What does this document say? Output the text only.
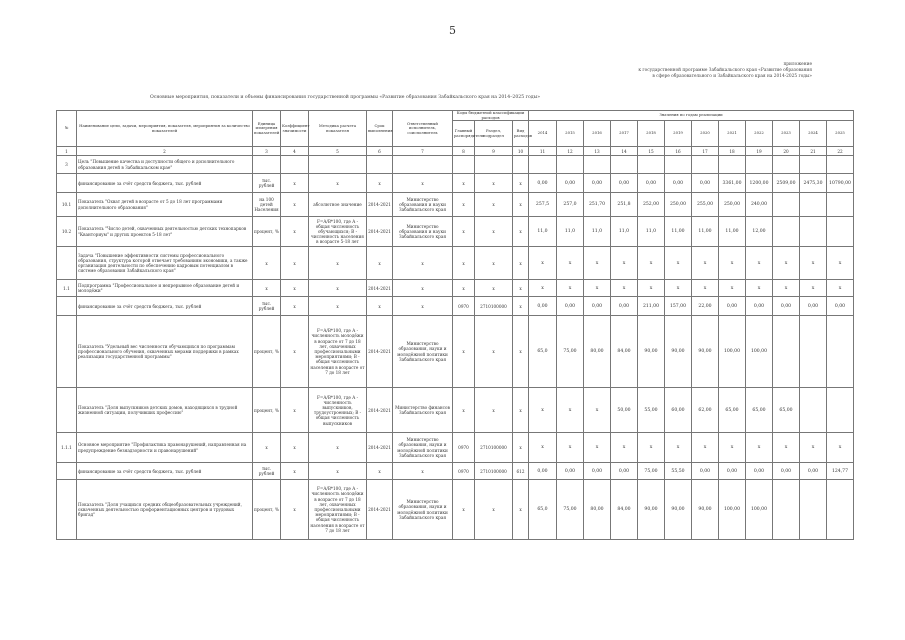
5
приложение
к государственной программе Забайкальского края «Развитие образования
в сфере образовательного и Забайкальского края на 2014-2025 годы»
Основные мероприятия, показатели и объемы финансирования государственной программы «Развитие образования Забайкальского края на 2014–2025 годы»
№	Наименование цели, задачи, мероприятия, показателя, мероприятия за количество показателей	Единица измерения показателей	Коэффициент значимости	Методика расчета показателя	Срок выполнения	Ответственный исполнитель, соисполнитель	Коды бюджетной классификации расходов			Значения по годам реализации												
							Главный распорядитель	Раздел, подраздел	Вид расходов	2014	2015	2016	2017	2018	2019	2020	2021	2022	2023	2024	2025	
1	2	3	4	5	6	7	8	9	10	11	12	13	14	15	16	17	18	19	20	21	22		
3	Цель "Повышение качества и доступности общего и дополнительного образования детей в Забайкальском крае"																					
	финансирование за счёт средств бюджета, тыс. рублей	тыс. рублей	x	x	x	x	x	x	x	0,00	0,00	0,00	0,00	0,00	0,00	0,00	3361,00	1200,00	2509,00	2475,30	10790,00	
10.1	Показатель "Охват детей в возрасте от 5 до 18 лет программами дополнительного образования"	на 100 детей Населения	x	абсолютное значение	2014-2021	Министерство образования и науки Забайкальского края	x	x	x	257,5	257,0	251,70	251,8	252,00	250,00	255,00	250,00	240,00				
10.2	Показатель "Число детей, охваченных деятельностью детских технопарков "Кванториум" и других проектов 5-18 лет"	процент, %	x	F=A/B*100, где A - общая численность обучающихся; B - численность населения в возрасте 5-18 лет	2014-2021	Министерство образования и науки Забайкальского края	x	x	x	11,0	11,0	11,0	11,0	11,0	11,00	11,00	11,00	12,00				
	Задача "Повышение эффективности системы профессионального образования, структура которой отвечает требованиям экономики, а также организация деятельности по обеспечению кадровым потенциалом в системе образования Забайкальского края"	x	x	x	x	x	x	x	x	x	x	x	x	x	x	x	x	x	x	x	x	
1.1	Подпрограмма "Профессиональное и непрерывное образование детей и молодёжи"	x	x	x	2014-2021	x	x	x	x	x	x	x	x	x	x	x	x	x	x	x	x	
	финансирование за счёт средств бюджета, тыс. рублей	тыс. рублей	x	x	x	x	0970	2710100000	x	0,00	0,00	0,00	0,00	211,00	157,00	22,00	0,00	0,00	0,00	0,00	0,00	
	Показатель "Удельный вес численности обучающихся по программам профессионального обучения, охваченных мерами поддержки в рамках реализации государственной программы"	процент, %	x	F=A/B*100, где A - численность молодёжи в возрасте от 7 до 18 лет, охваченных профессиональными мероприятиями; B - общая численность населения в возрасте от 7 до 18 лет	2014-2021	Министерство образования, науки и молодёжной политики Забайкальского края	x	x	x	65,0	75,00	80,00	84,00	90,00	90,00	90,00	100,00	100,00				
	Показатель "Доля выпускников детских домов, находящихся в трудной жизненной ситуации, получивших профессию"	процент, %	x	F=A/B*100, где A - численность выпускников, трудоустроенных; B - общая численность выпускников	2014-2021	Министерство финансов Забайкальского края	x	x	x	x	x	x	50,00	55,00	60,00	62,00	65,00	65,00	65,00			
1.1.1	Основное мероприятие "Профилактика правонарушений, направленная на предупреждение безнадзорности и правонарушений"	x	x	x	2014-2021	Министерство образования, науки и молодёжной политики Забайкальского края	0970	2710100000	x	x	x	x	x	x	x	x	x	x	x	x	x	
	финансирование за счёт средств бюджета, тыс. рублей	тыс. рублей	x	x	x	x	0970	2710100000	612	0,00	0,00	0,00	0,00	75,00	55,50	0,00	0,00	0,00	0,00	0,00	124,77	
	Показатель "Доля учащихся средних общеобразовательных учреждений, охваченных деятельностью профориентационных центров и трудовых бригад"	процент, %	x	F=A/B*100, где A - численность молодёжи в возрасте от 7 до 18 лет, охваченных профессиональными мероприятиями; B - общая численность населения в возрасте от 7 до 18 лет	2014-2021	Министерство образования, науки и молодёжной политики Забайкальского края	x	x	x	65,0	75,00	80,00	84,00	90,00	90,00	90,00	100,00	100,00				
